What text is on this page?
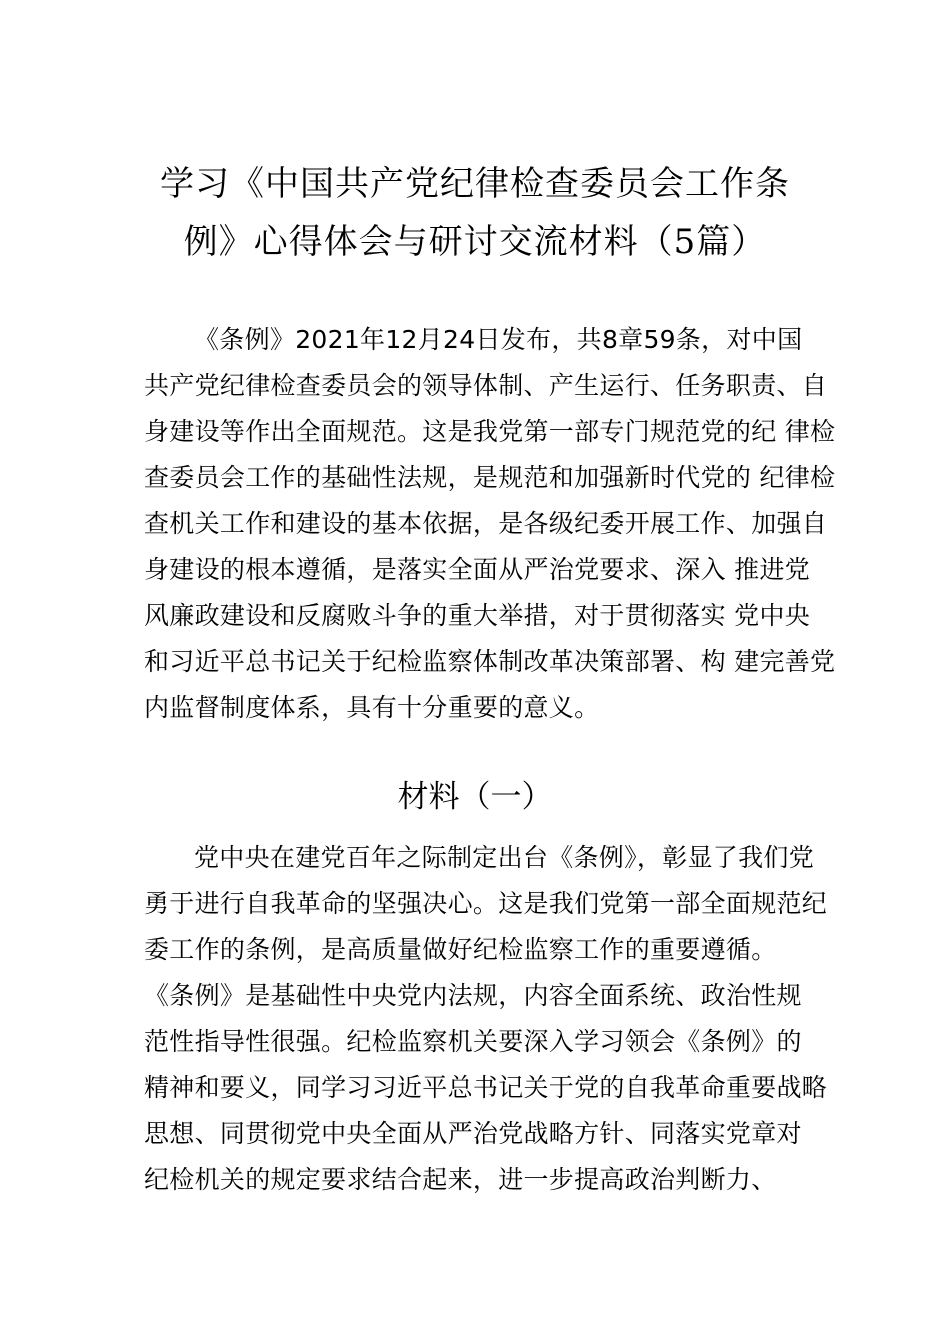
学习《中国共产党纪律检查委员会工作条
例》心得体会与研讨交流材料（5篇）
《条例》2021年12月24日发布，共8章59条，对中国
共产党纪律检查委员会的领导体制、产生运行、任务职责、自
身建设等作出全面规范。这是我党第一部专门规范党的纪 律检
查委员会工作的基础性法规，是规范和加强新时代党的 纪律检
查机关工作和建设的基本依据，是各级纪委开展工作、加强自
身建设的根本遵循，是落实全面从严治党要求、深入 推进党
风廉政建设和反腐败斗争的重大举措，对于贯彻落实 党中央
和习近平总书记关于纪检监察体制改革决策部署、构 建完善党
内监督制度体系，具有十分重要的意义。
材料（一）
党中央在建党百年之际制定出台《条例》，彰显了我们党
勇于进行自我革命的坚强决心。这是我们党第一部全面规范纪
委工作的条例，是高质量做好纪检监察工作的重要遵循。
《条例》是基础性中央党内法规，内容全面系统、政治性规
范性指导性很强。纪检监察机关要深入学习领会《条例》的
精神和要义，同学习习近平总书记关于党的自我革命重要战略
思想、同贯彻党中央全面从严治党战略方针、同落实党章对
纪检机关的规定要求结合起来，进一步提高政治判断力、
